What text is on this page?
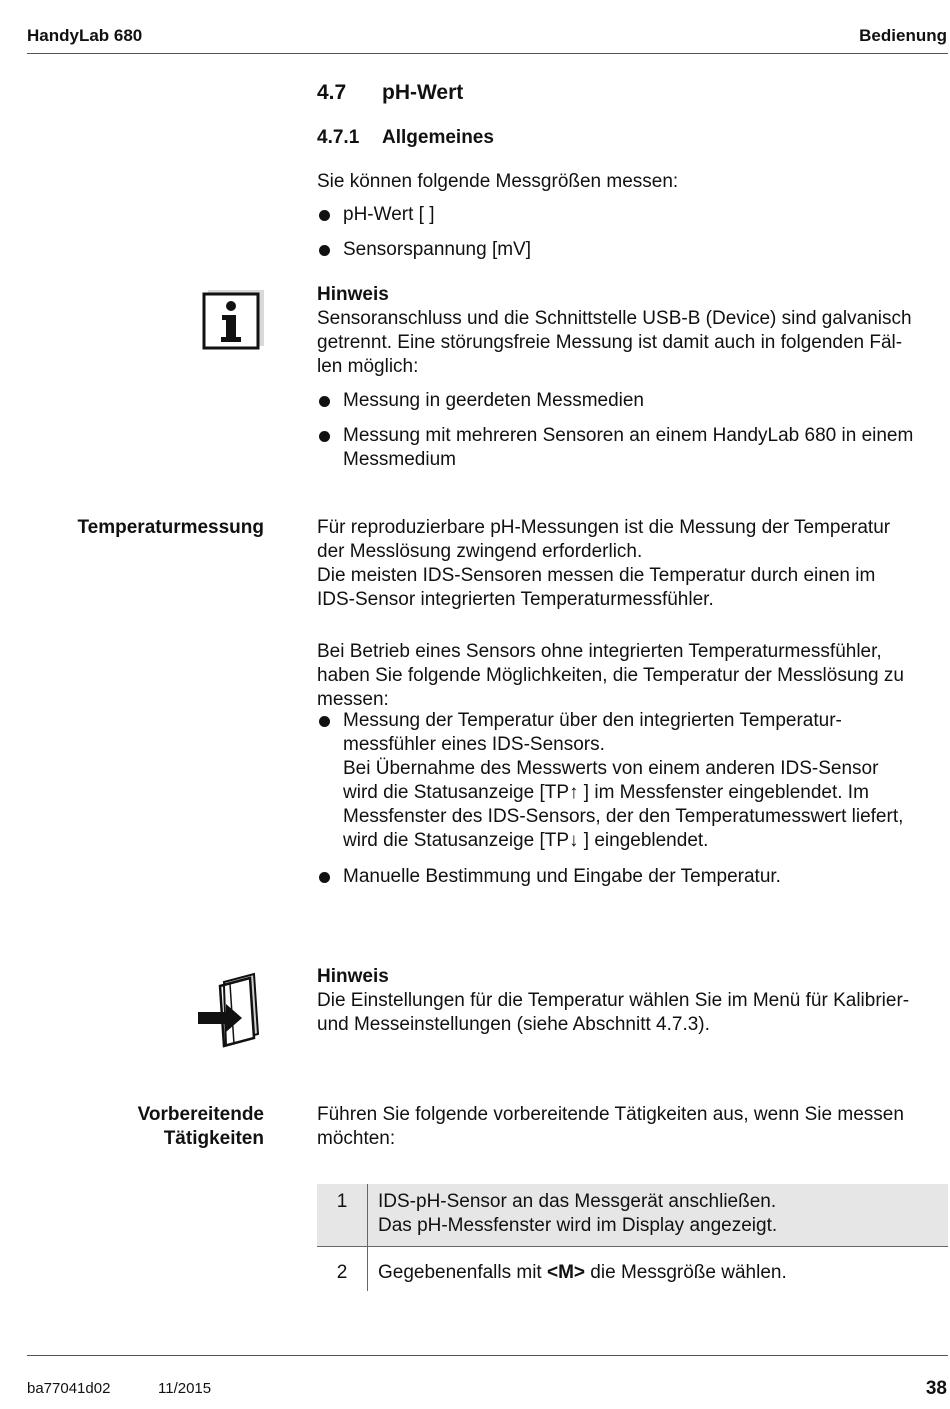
HandyLab 680	Bedienung
4.7 pH-Wert
4.7.1 Allgemeines
Sie können folgende Messgrößen messen:
pH-Wert [ ]
Sensorspannung [mV]
Hinweis
Sensoranschluss und die Schnittstelle USB-B (Device) sind galvanisch
getrennt. Eine störungsfreie Messung ist damit auch in folgenden Fäl-
len möglich:
Messung in geerdeten Messmedien
Messung mit mehreren Sensoren an einem HandyLab 680 in einem
Messmedium
Temperaturmessung	Für reproduzierbare pH-Messungen ist die Messung der Temperatur
der Messlösung zwingend erforderlich.
Die meisten IDS-Sensoren messen die Temperatur durch einen im
IDS-Sensor integrierten Temperaturmessfühler.
Bei Betrieb eines Sensors ohne integrierten Temperaturmessfühler,
haben Sie folgende Möglichkeiten, die Temperatur der Messlösung zu
messen:
Messung der Temperatur über den integrierten Temperatur-
messfühler eines IDS-Sensors.
Bei Übernahme des Messwerts von einem anderen IDS-Sensor
wird die Statusanzeige [TP↑ ] im Messfenster eingeblendet. Im
Messfenster des IDS-Sensors, der den Temperatumesswert liefert,
wird die Statusanzeige [TP↓ ] eingeblendet.
Manuelle Bestimmung und Eingabe der Temperatur.
Hinweis
Die Einstellungen für die Temperatur wählen Sie im Menü für Kalibrier-
und Messeinstellungen (siehe Abschnitt 4.7.3).
Vorbereitende
Tätigkeiten
Führen Sie folgende vorbereitende Tätigkeiten aus, wenn Sie messen
möchten:
1	IDS-pH-Sensor an das Messgerät anschließen.
Das pH-Messfenster wird im Display angezeigt.

2	Gegebenenfalls mit <M> die Messgröße wählen.
ba77041d02	11/2015	38
